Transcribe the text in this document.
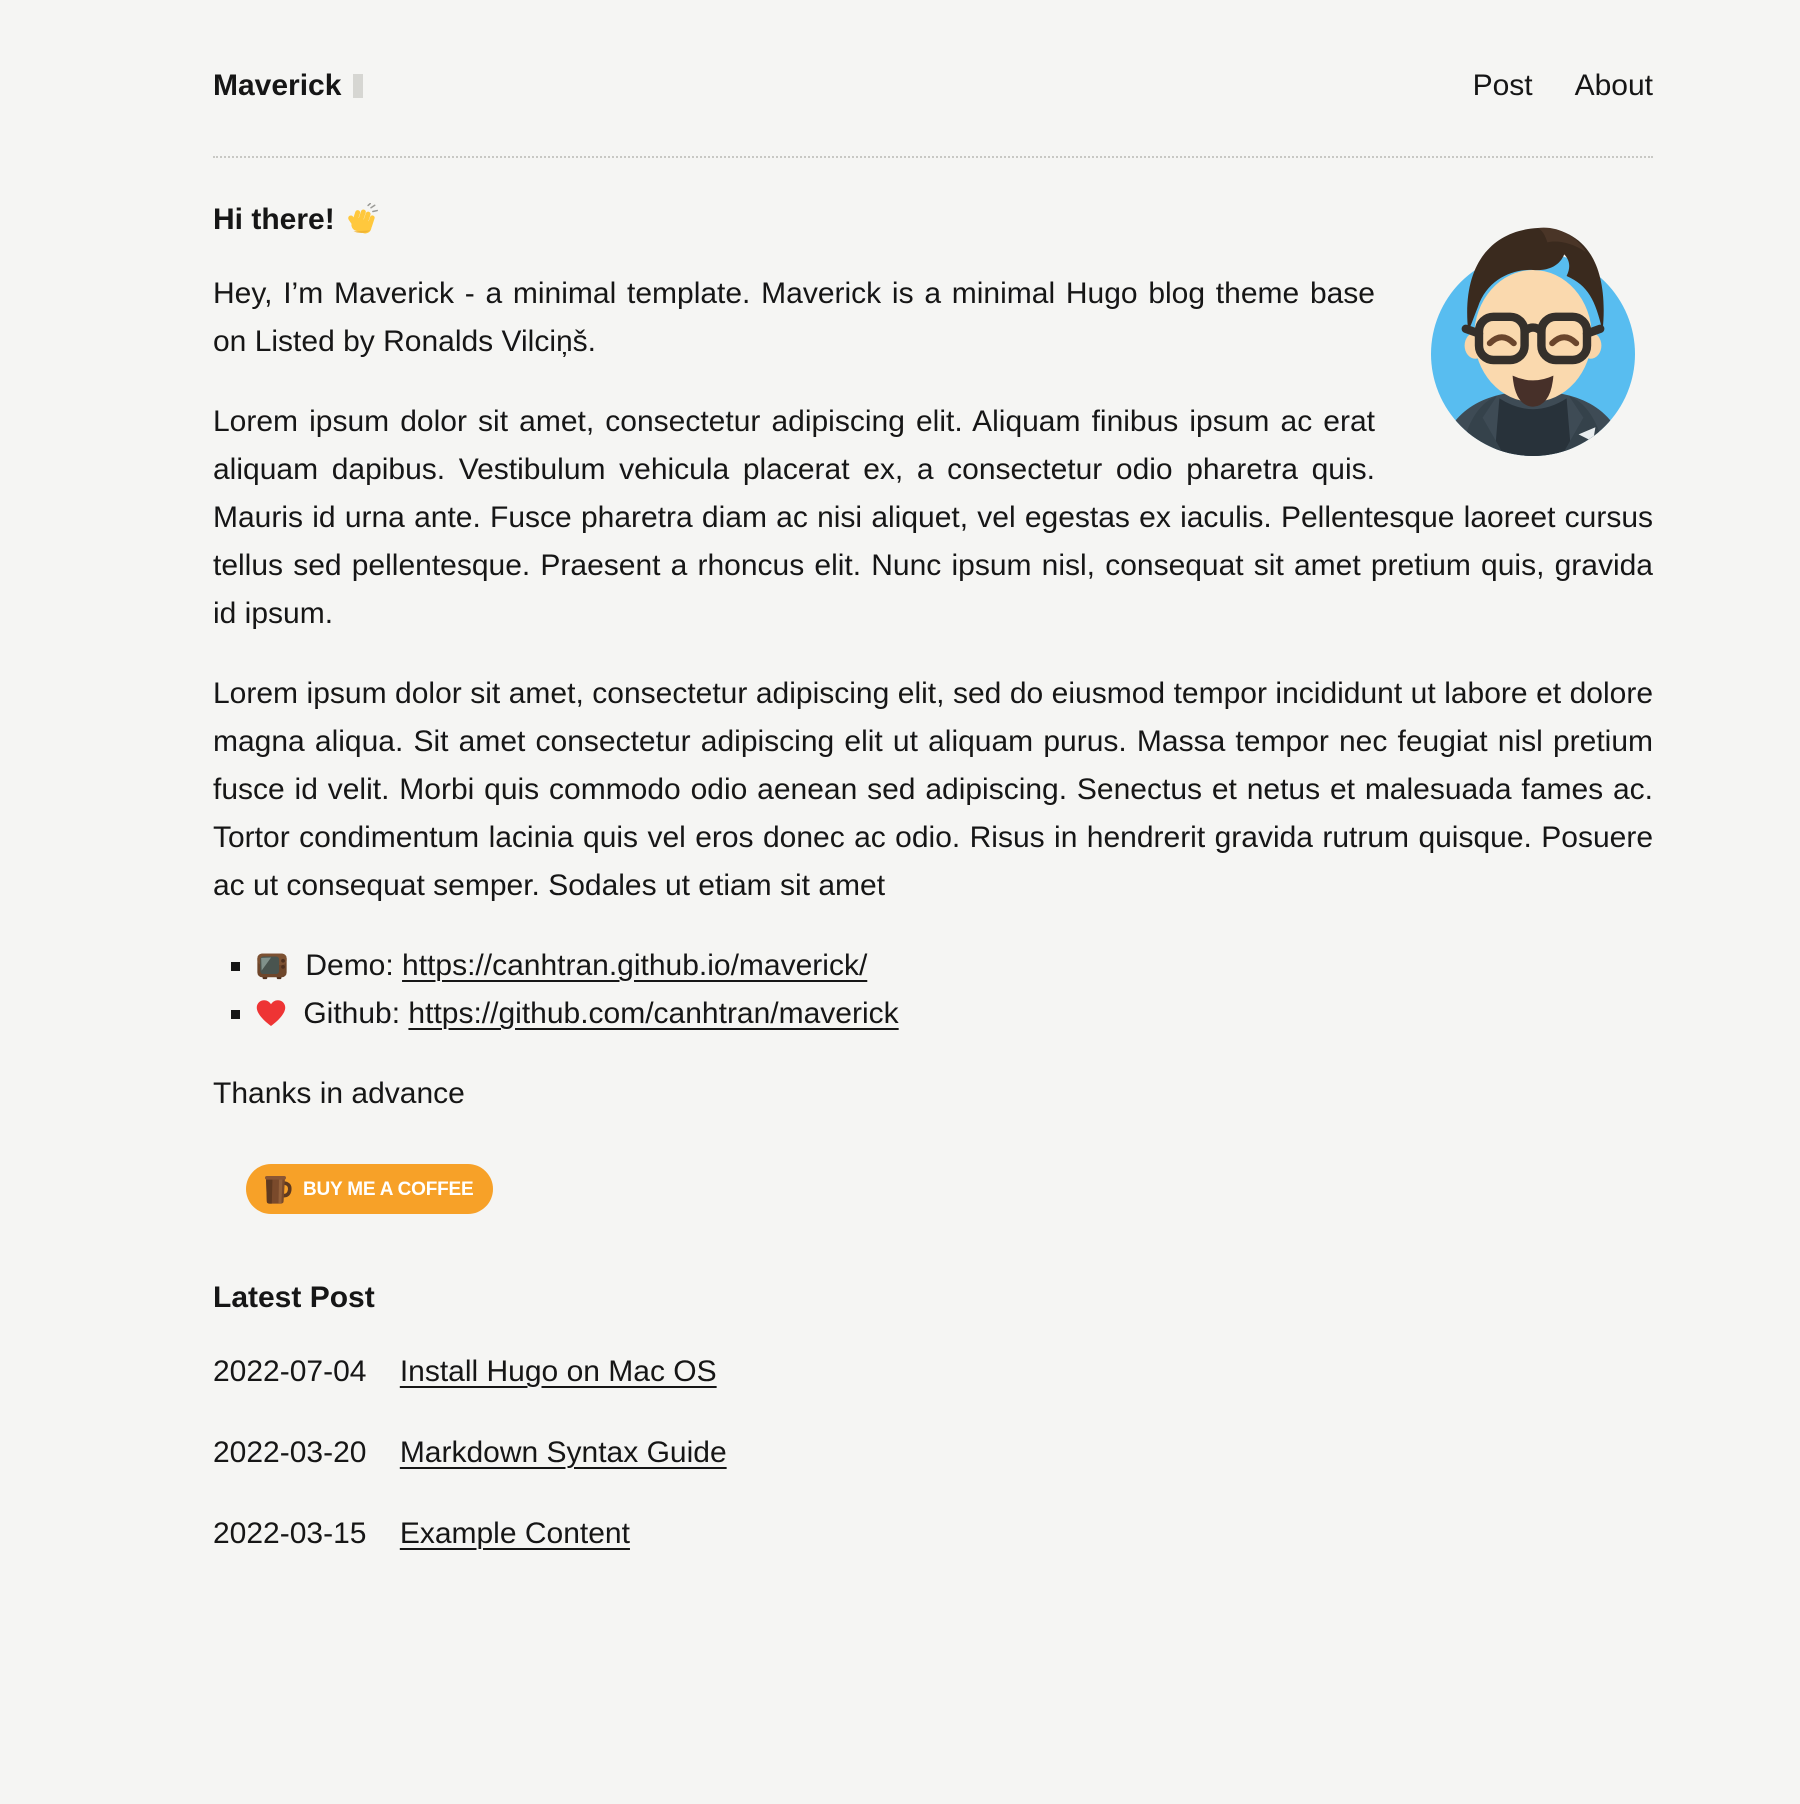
Maverick	Post About
Hi there!

Hey, I’m Maverick - a minimal template. Maverick is a minimal Hugo blog theme base on Listed by Ronalds Vilciņš.

Lorem ipsum dolor sit amet, consectetur adipiscing elit. Aliquam finibus ipsum ac erat aliquam dapibus. Vestibulum vehicula placerat ex, a consectetur odio pharetra quis. Mauris id urna ante. Fusce pharetra diam ac nisi aliquet, vel egestas ex iaculis. Pellentesque laoreet cursus tellus sed pellentesque. Praesent a rhoncus elit. Nunc ipsum nisl, consequat sit amet pretium quis, gravida id ipsum.

Lorem ipsum dolor sit amet, consectetur adipiscing elit, sed do eiusmod tempor incididunt ut labore et dolore magna aliqua. Sit amet consectetur adipiscing elit ut aliquam purus. Massa tempor nec feugiat nisl pretium fusce id velit. Morbi quis commodo odio aenean sed adipiscing. Senectus et netus et malesuada fames ac. Tortor condimentum lacinia quis vel eros donec ac odio. Risus in hendrerit gravida rutrum quisque. Posuere ac ut consequat semper. Sodales ut etiam sit amet

▪ Demo: https://canhtran.github.io/maverick/
▪ Github: https://github.com/canhtran/maverick

Thanks in advance

BUY ME A COFFEE
Latest Post
2022-07-04 Install Hugo on Mac OS
2022-03-20 Markdown Syntax Guide
2022-03-15 Example Content
